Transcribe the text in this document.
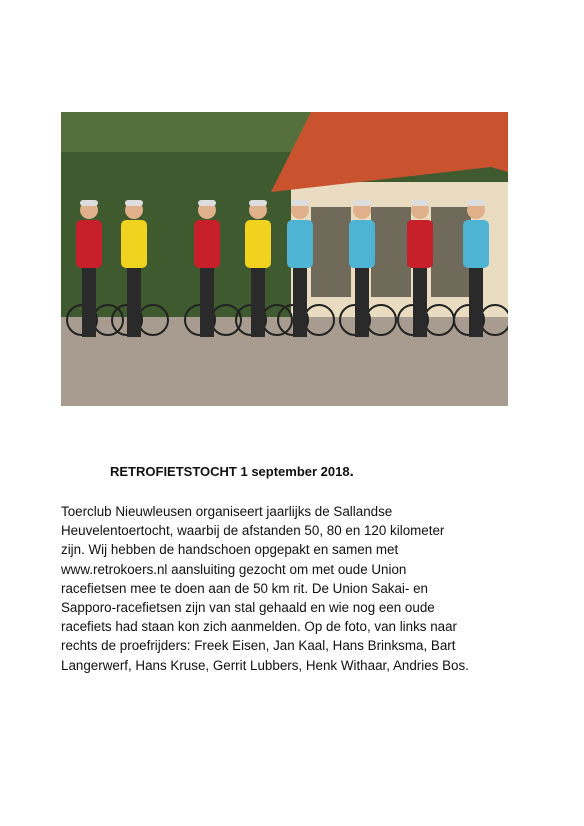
RETROFIETSTOCHT 1 september 2018.

Toerclub Nieuwleusen organiseert jaarlijks de Sallandse
Heuvelentoertocht, waarbij de afstanden 50, 80 en 120 kilometer
zijn. Wij hebben de handschoen opgepakt en samen met
www.retrokoers.nl aansluiting gezocht om met oude Union
racefietsen mee te doen aan de 50 km rit. De Union Sakai- en
Sapporo-racefietsen zijn van stal gehaald en wie nog een oude
racefiets had staan kon zich aanmelden. Op de foto, van links naar
rechts de proefrijders: Freek Eisen, Jan Kaal, Hans Brinksma, Bart
Langerwerf, Hans Kruse, Gerrit Lubbers, Henk Withaar, Andries Bos.
